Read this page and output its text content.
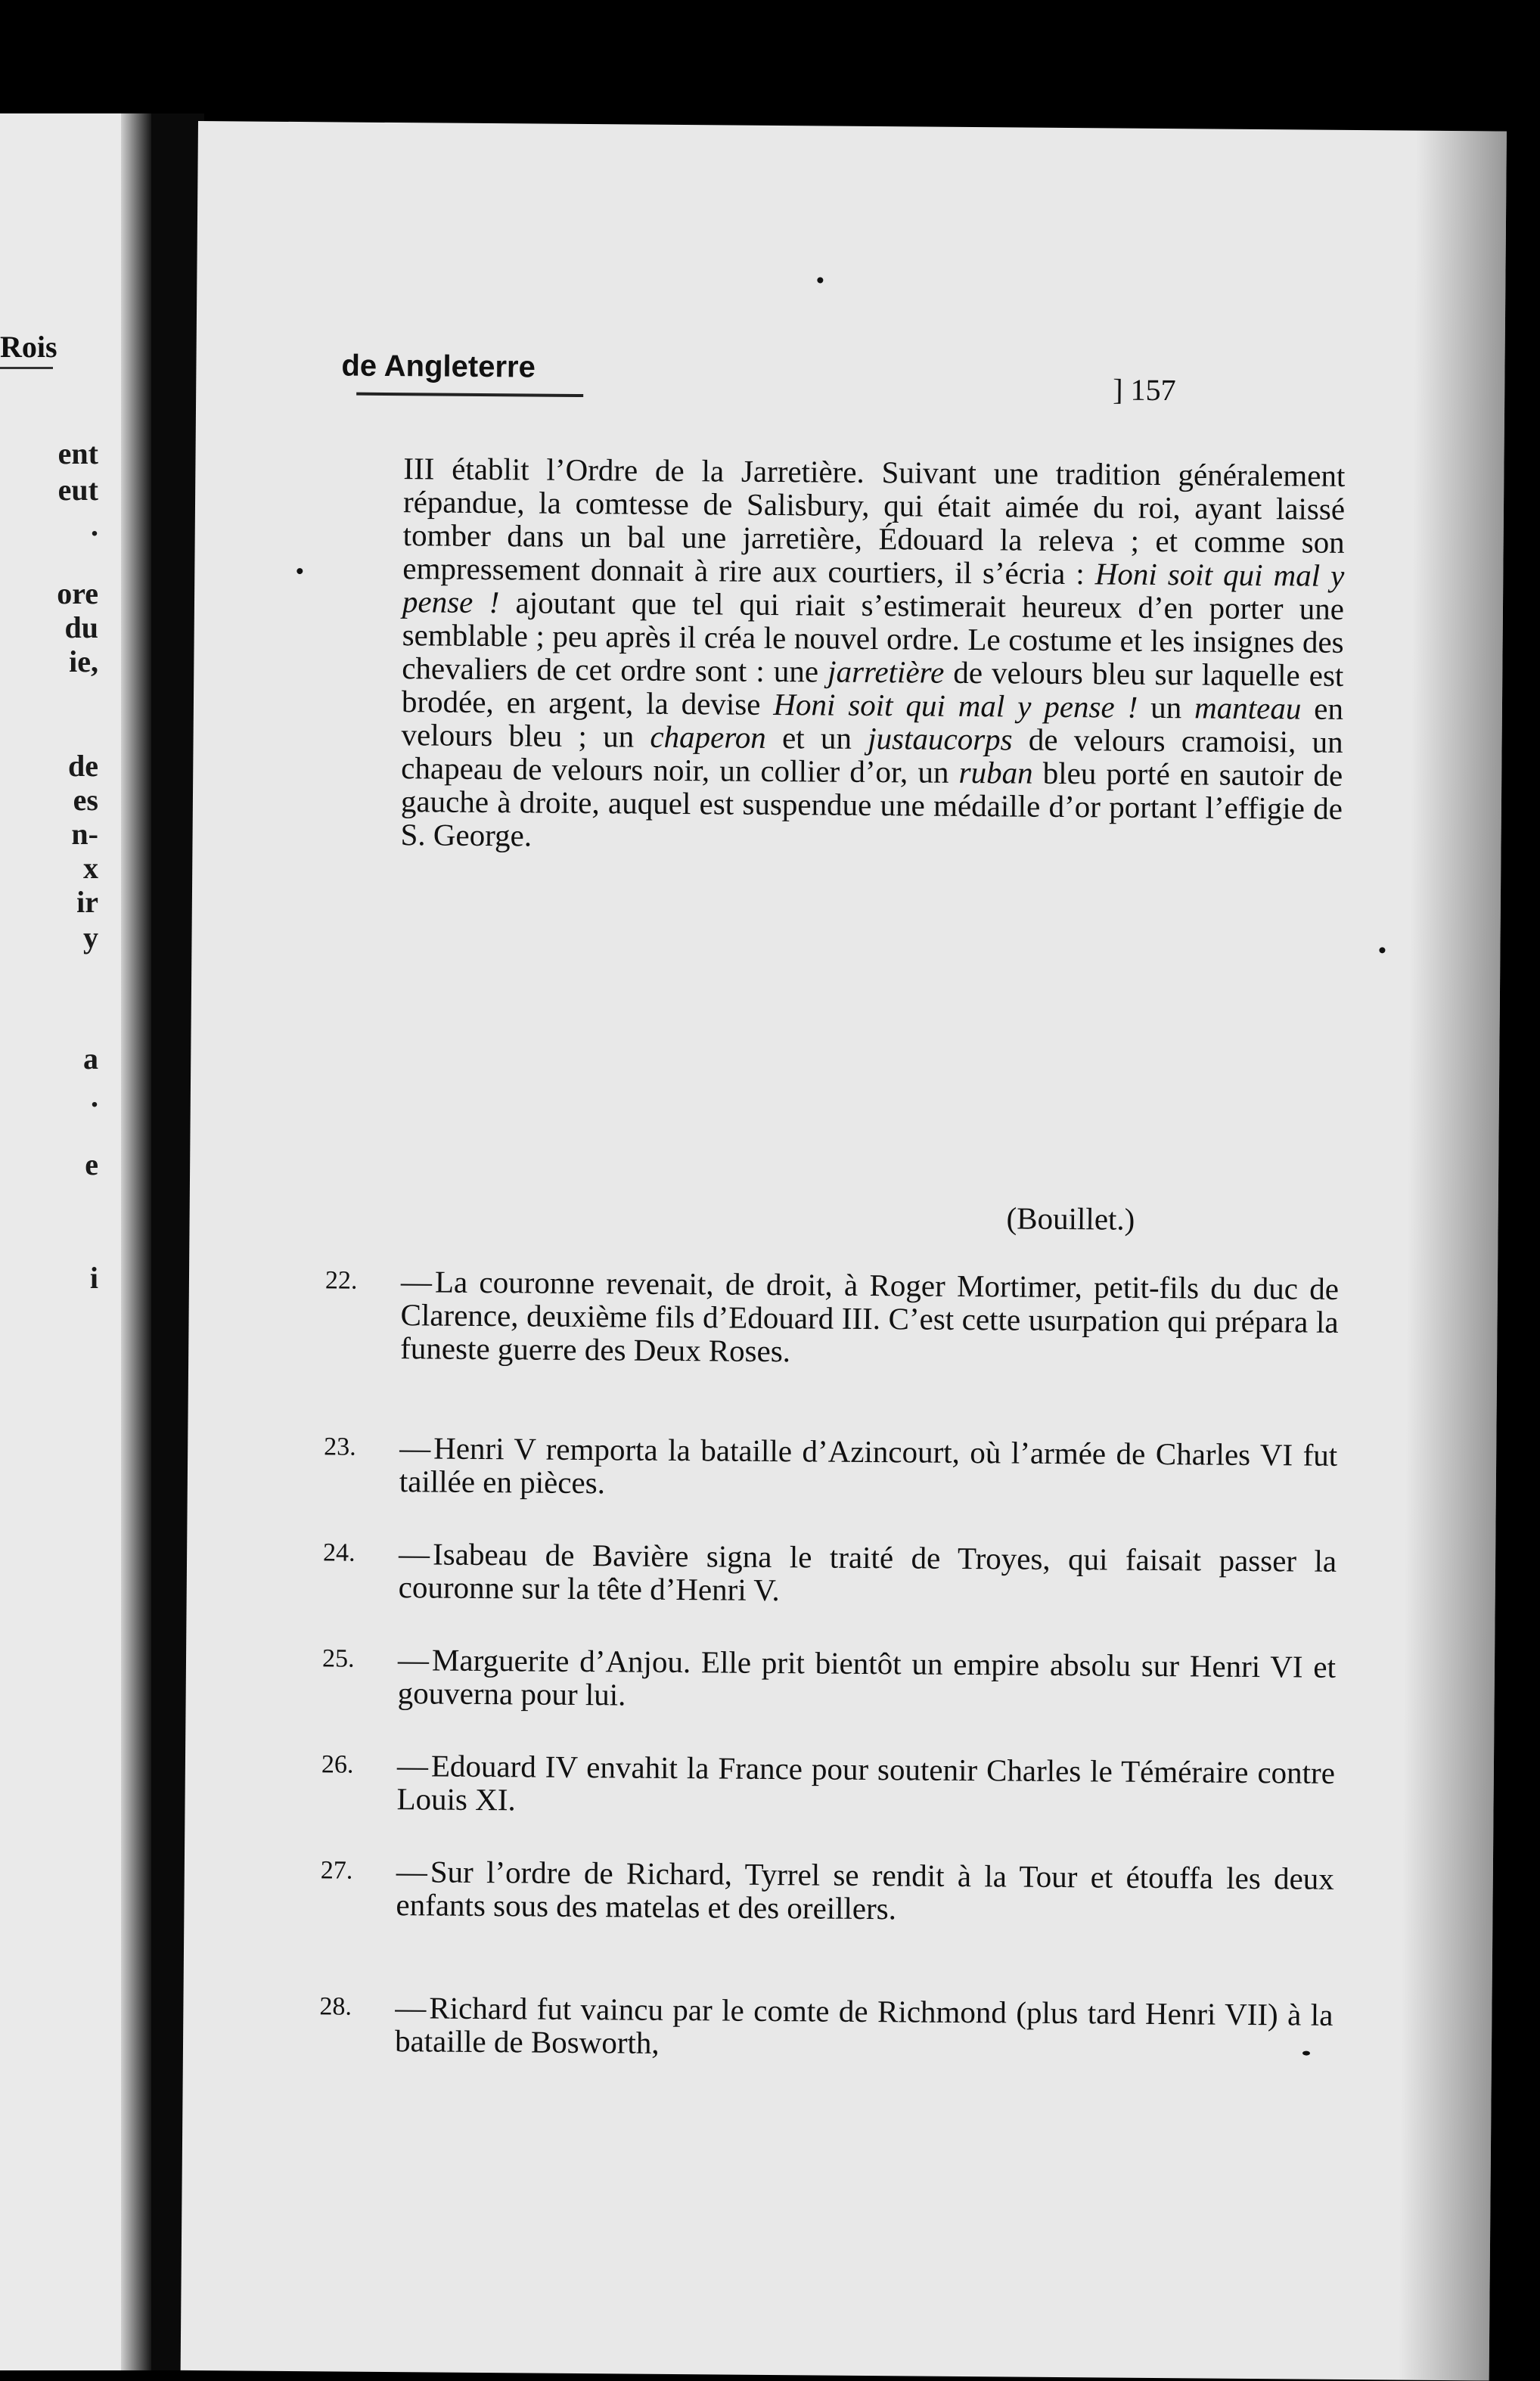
Rois
ent
eut
.
ore
du
ie,
de
es
n-
x
ir
y
a
.
e
i
de Angleterre
] 157
III établit l’Ordre de la Jarretière. Suivant une tradition généralement répandue, la comtesse de Salisbury, qui était aimée du roi, ayant laissé tomber dans un bal une jarretière, Édouard la releva ; et comme son empressement donnait à rire aux courtiers, il s’écria : Honi soit qui mal y pense ! ajoutant que tel qui riait s’estimerait heureux d’en porter une semblable ; peu après il créa le nouvel ordre. Le costume et les insignes des chevaliers de cet ordre sont : une jarretière de velours bleu sur laquelle est brodée, en argent, la devise Honi soit qui mal y pense ! un manteau en velours bleu ; un chaperon et un justaucorps de velours cramoisi, un chapeau de velours noir, un collier d’or, un ruban bleu porté en sautoir de gauche à droite, auquel est suspendue une médaille d’or portant l’effigie de S. George.
(Bouillet.)
22.	—La couronne revenait, de droit, à Roger Mortimer, petit-fils du duc de Clarence, deuxième fils d’Edouard III. C’est cette usurpation qui prépara la funeste guerre des Deux Roses.
23.	—Henri V remporta la bataille d’Azincourt, où l’armée de Charles VI fut taillée en pièces.
24.	—Isabeau de Bavière signa le traité de Troyes, qui faisait passer la couronne sur la tête d’Henri V.
25.	—Marguerite d’Anjou. Elle prit bientôt un empire absolu sur Henri VI et gouverna pour lui.
26.	—Edouard IV envahit la France pour soutenir Charles le Téméraire contre Louis XI.
27.	—Sur l’ordre de Richard, Tyrrel se rendit à la Tour et étouffa les deux enfants sous des matelas et des oreillers.
28.	—Richard fut vaincu par le comte de Richmond (plus tard Henri VII) à la bataille de Bosworth,
